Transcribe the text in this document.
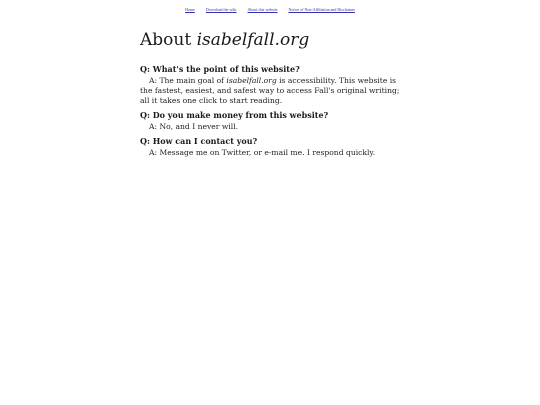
Home	Download the wiki	About this website	Notice of Non-Affiliation and Disclaimer
About isabelfall.org

Q: What's the point of this website?

A: The main goal of isabelfall.org is accessibility. This website is the fastest, easiest, and safest way to access Fall's original writing; all it takes one click to start reading.

Q: Do you make money from this website?

A: No, and I never will.

Q: How can I contact you?

A: Message me on Twitter, or e-mail me. I respond quickly.
